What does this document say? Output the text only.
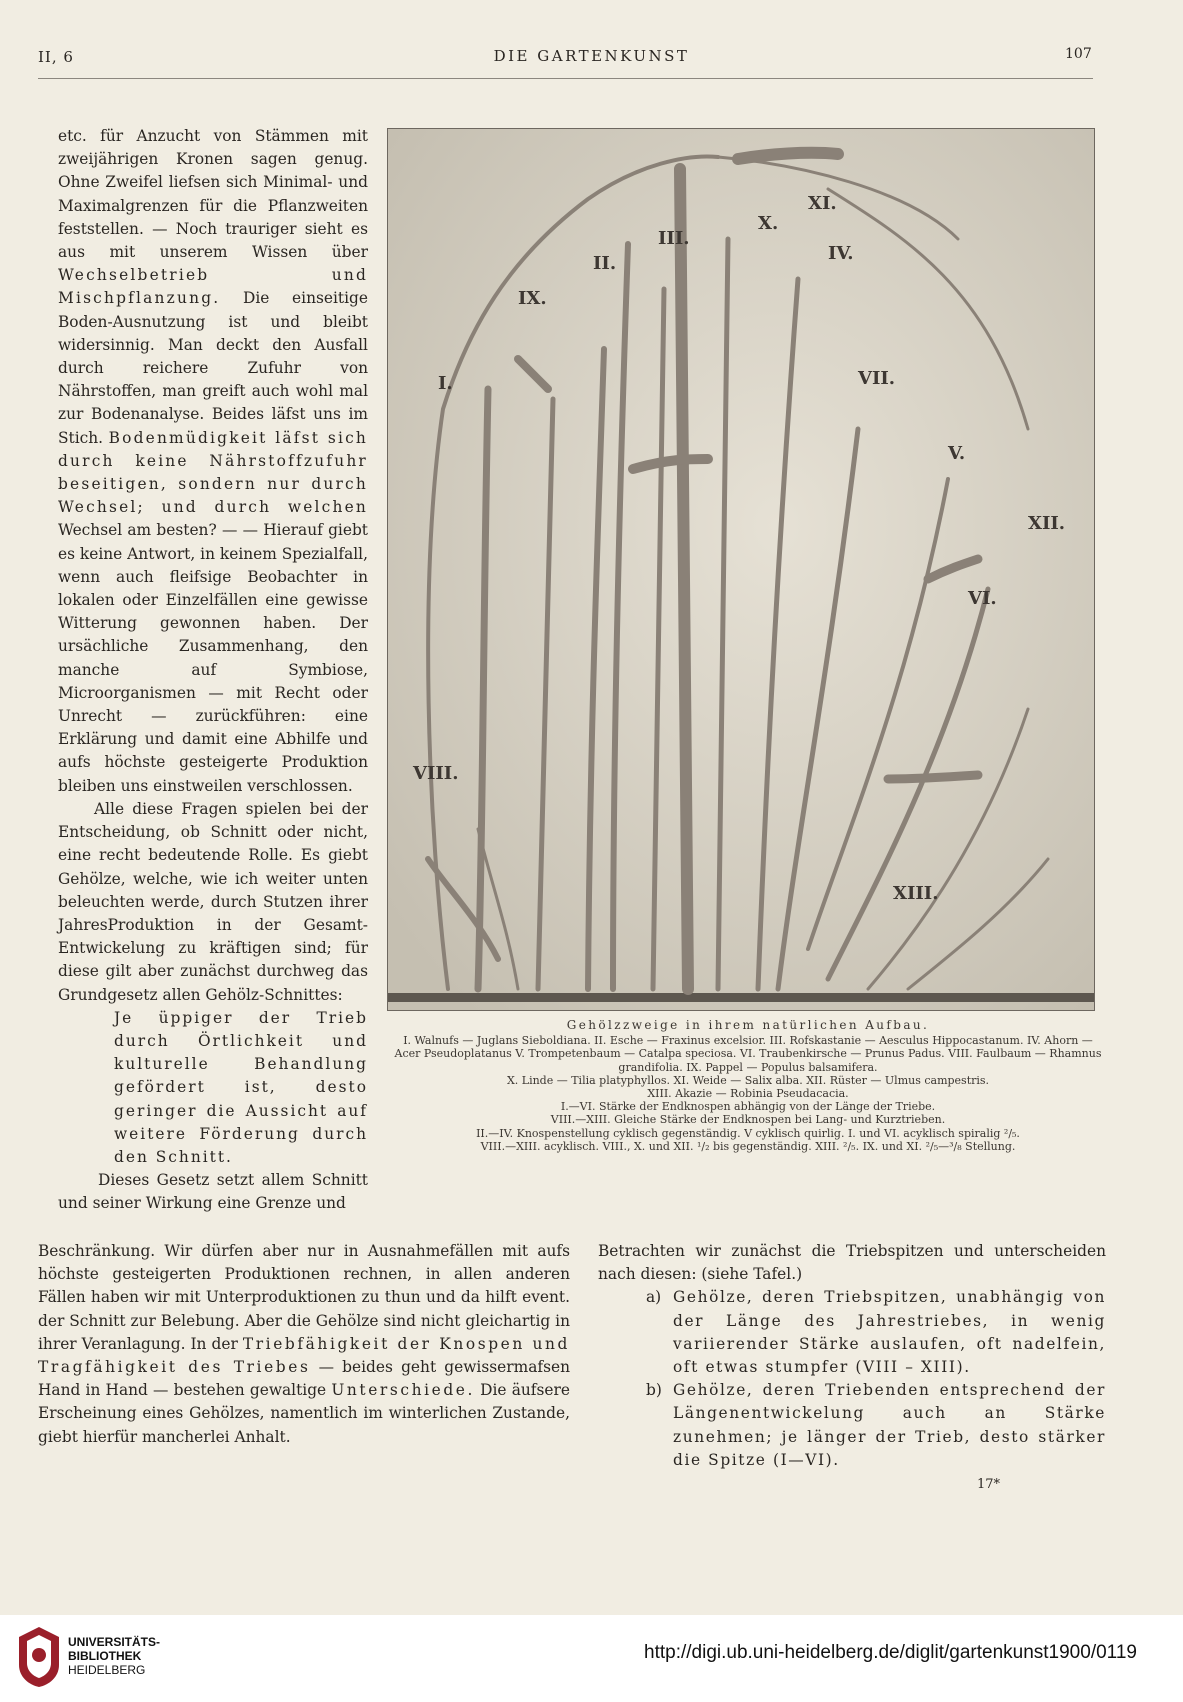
II, 6	DIE GARTENKUNST	107

etc. für Anzucht von Stämmen mit zweijährigen Kronen sagen genug. Ohne Zweifel liefsen sich Minimal- und Maximalgrenzen für die Pflanzweiten feststellen. — Noch trauriger sieht es aus mit unserem Wissen über Wechselbetrieb und Mischpflanzung. Die einseitige Boden-Ausnutzung ist und bleibt widersinnig. Man deckt den Ausfall durch reichere Zufuhr von Nährstoffen, man greift auch wohl mal zur Bodenanalyse. Beides läfst uns im Stich. Bodenmüdigkeit läfst sich durch keine Nährstoffzufuhr beseitigen, sondern nur durch Wechsel; und durch welchen Wechsel am besten? — — Hierauf giebt es keine Antwort, in keinem Spezialfall, wenn auch fleifsige Beobachter in lokalen oder Einzelfällen eine gewisse Witterung gewonnen haben. Der ursächliche Zusammenhang, den manche auf Symbiose, Microorganismen — mit Recht oder Unrecht — zurückführen: eine Erklärung und damit eine Abhilfe und aufs höchste gesteigerte Produktion bleiben uns einstweilen verschlossen.

Alle diese Fragen spielen bei der Entscheidung, ob Schnitt oder nicht, eine recht bedeutende Rolle. Es giebt Gehölze, welche, wie ich weiter unten beleuchten werde, durch Stutzen ihrer JahresProduktion in der Gesamt-Entwickelung zu kräftigen sind; für diese gilt aber zunächst durchweg das Grundgesetz allen Gehölz-Schnittes:

Je üppiger der Trieb durch Örtlichkeit und kulturelle Behandlung gefördert ist, desto geringer die Aussicht auf weitere Förderung durch den Schnitt.

Dieses Gesetz setzt allem Schnitt und seiner Wirkung eine Grenze und

I.
II.
III.
IV.
V.
VI.
VII.
VIII.
IX.
X.
XI.
XII.
XIII.
Gehölzzweige in ihrem natürlichen Aufbau.

I. Walnufs — Juglans Sieboldiana. II. Esche — Fraxinus excelsior. III. Rofskastanie — Aesculus Hippocastanum. IV. Ahorn — Acer Pseudoplatanus V. Trompetenbaum — Catalpa speciosa. VI. Traubenkirsche — Prunus Padus. VIII. Faulbaum — Rhamnus grandifolia. IX. Pappel — Populus balsamifera.

X. Linde — Tilia platyphyllos. XI. Weide — Salix alba. XII. Rüster — Ulmus campestris.

XIII. Akazie — Robinia Pseudacacia.

I.—VI. Stärke der Endknospen abhängig von der Länge der Triebe.

VIII.—XIII. Gleiche Stärke der Endknospen bei Lang- und Kurztrieben.

II.—IV. Knospenstellung cyklisch gegenständig. V cyklisch quirlig. I. und VI. acyklisch spiralig ²/₅.

VIII.—XIII. acyklisch. VIII., X. und XII. ¹/₂ bis gegenständig. XIII. ²/₅. IX. und XI. ²/₅—³/₈ Stellung.

Beschränkung. Wir dürfen aber nur in Ausnahmefällen mit aufs höchste gesteigerten Produktionen rechnen, in allen anderen Fällen haben wir mit Unterproduktionen zu thun und da hilft event. der Schnitt zur Belebung. Aber die Gehölze sind nicht gleichartig in ihrer Veranlagung. In der Triebfähigkeit der Knospen und Tragfähigkeit des Triebes — beides geht gewissermafsen Hand in Hand — bestehen gewaltige Unterschiede. Die äufsere Erscheinung eines Gehölzes, namentlich im winterlichen Zustande, giebt hierfür mancherlei Anhalt.

Betrachten wir zunächst die Triebspitzen und unterscheiden nach diesen: (siehe Tafel.)

a) Gehölze, deren Triebspitzen, unabhängig von der Länge des Jahrestriebes, in wenig variierender Stärke auslaufen, oft nadelfein, oft etwas stumpfer (VIII – XIII).

b) Gehölze, deren Triebenden entsprechend der Längenentwickelung auch an Stärke zunehmen; je länger der Trieb, desto stärker die Spitze (I—VI).

17*
UNIVERSITÄTS-
BIBLIOTHEK
HEIDELBERG
http://digi.ub.uni-heidelberg.de/diglit/gartenkunst1900/0119
